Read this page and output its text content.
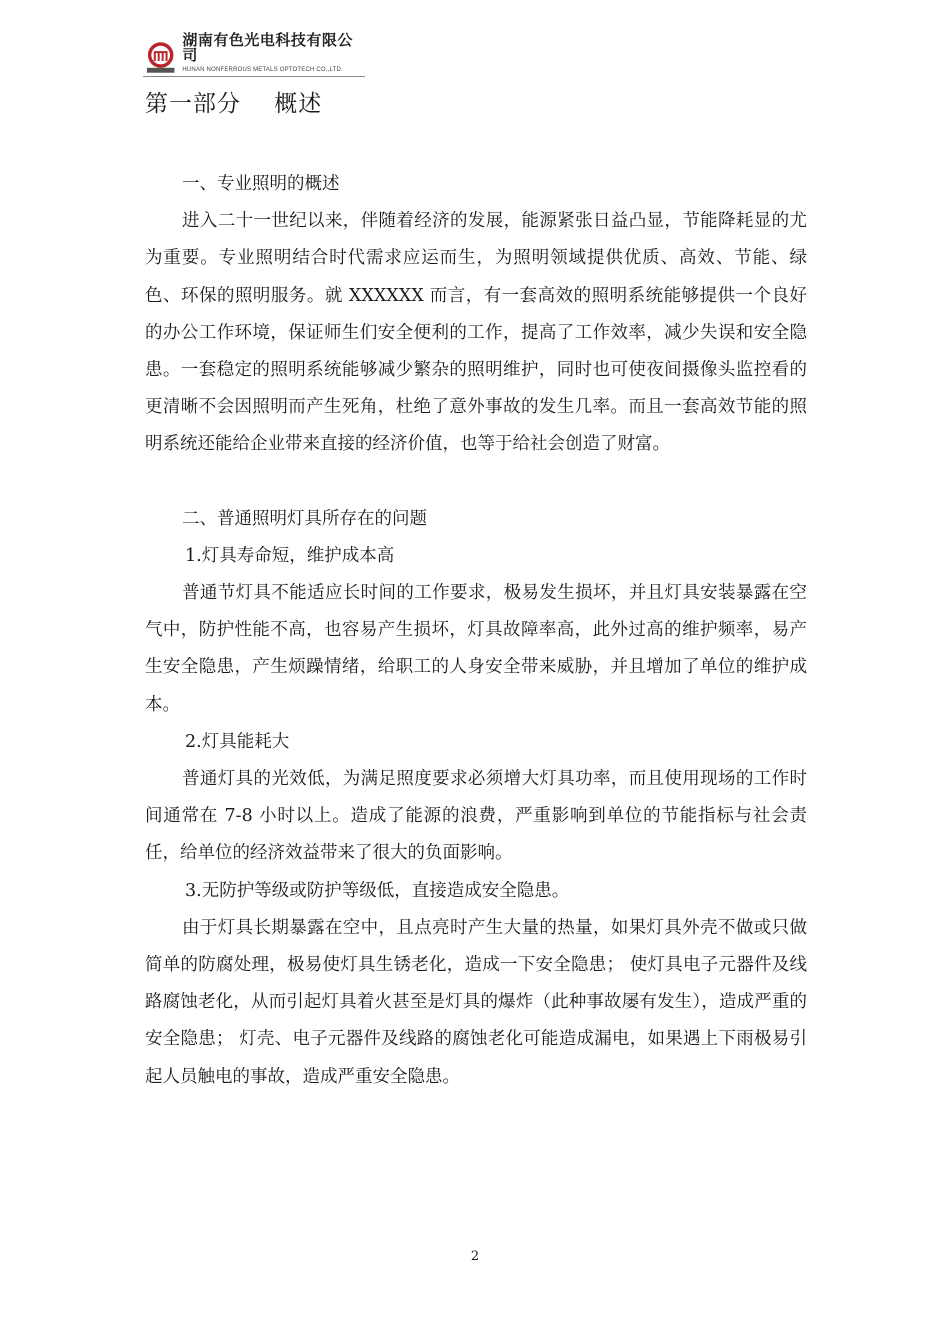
湖南有色光电科技有限公司
HUNAN NONFERROUS METALS OPTOTECH CO.,LTD.
第一部分    概述

一、专业照明的概述

进入二十一世纪以来，伴随着经济的发展，能源紧张日益凸显，节能降耗显的尤为重要。专业照明结合时代需求应运而生，为照明领域提供优质、高效、节能、绿色、环保的照明服务。就 XXXXXX 而言，有一套高效的照明系统能够提供一个良好的办公工作环境，保证师生们安全便利的工作，提高了工作效率，减少失误和安全隐患。一套稳定的照明系统能够减少繁杂的照明维护，同时也可使夜间摄像头监控看的更清晰不会因照明而产生死角，杜绝了意外事故的发生几率。而且一套高效节能的照明系统还能给企业带来直接的经济价值，也等于给社会创造了财富。

二、普通照明灯具所存在的问题

1.灯具寿命短，维护成本高

普通节灯具不能适应长时间的工作要求，极易发生损坏，并且灯具安装暴露在空气中，防护性能不高，也容易产生损坏，灯具故障率高，此外过高的维护频率，易产生安全隐患，产生烦躁情绪，给职工的人身安全带来威胁，并且增加了单位的维护成本。

2.灯具能耗大

普通灯具的光效低，为满足照度要求必须增大灯具功率，而且使用现场的工作时间通常在 7-8 小时以上。造成了能源的浪费，严重影响到单位的节能指标与社会责任，给单位的经济效益带来了很大的负面影响。

3.无防护等级或防护等级低，直接造成安全隐患。

由于灯具长期暴露在空中，且点亮时产生大量的热量，如果灯具外壳不做或只做简单的防腐处理，极易使灯具生锈老化，造成一下安全隐患； 使灯具电子元器件及线路腐蚀老化，从而引起灯具着火甚至是灯具的爆炸（此种事故屡有发生），造成严重的安全隐患； 灯壳、电子元器件及线路的腐蚀老化可能造成漏电，如果遇上下雨极易引起人员触电的事故，造成严重安全隐患。

2
